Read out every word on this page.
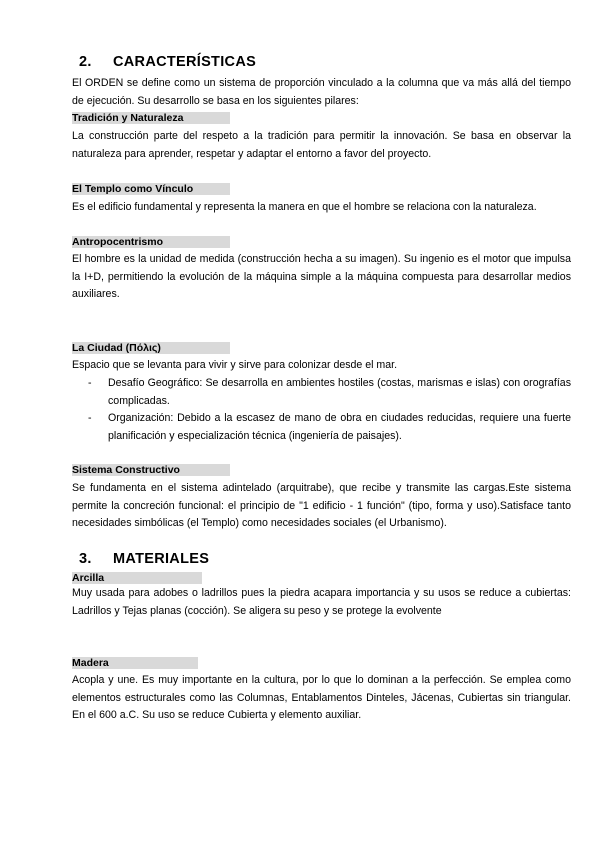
2. CARACTERÍSTICAS
El ORDEN se define como un sistema de proporción vinculado a la columna que va más allá del tiempo de ejecución. Su desarrollo se basa en los siguientes pilares:
Tradición y Naturaleza
La construcción parte del respeto a la tradición para permitir la innovación. Se basa en observar la naturaleza para aprender, respetar y adaptar el entorno a favor del proyecto.
El Templo como Vínculo
Es el edificio fundamental y representa la manera en que el hombre se relaciona con la naturaleza.
Antropocentrismo
El hombre es la unidad de medida (construcción hecha a su imagen). Su ingenio es el motor que impulsa la I+D, permitiendo la evolución de la máquina simple a la máquina compuesta para desarrollar medios auxiliares.
La Ciudad (Πόλις)
Espacio que se levanta para vivir y sirve para colonizar desde el mar.
- Desafío Geográfico: Se desarrolla en ambientes hostiles (costas, marismas e islas) con orografías complicadas.
- Organización: Debido a la escasez de mano de obra en ciudades reducidas, requiere una fuerte planificación y especialización técnica (ingeniería de paisajes).
Sistema Constructivo
Se fundamenta en el sistema adintelado (arquitrabe), que recibe y transmite las cargas.Este sistema permite la concreción funcional: el principio de "1 edificio - 1 función" (tipo, forma y uso).Satisface tanto necesidades simbólicas (el Templo) como necesidades sociales (el Urbanismo).
3. MATERIALES
Arcilla
Muy usada para adobes o ladrillos pues la piedra acapara importancia y su usos se reduce a cubiertas: Ladrillos y Tejas planas (cocción). Se aligera su peso y se protege la evolvente
Madera
Acopla y une. Es muy importante en la cultura, por lo que lo dominan a la perfección. Se emplea como elementos estructurales como las Columnas, Entablamentos Dinteles, Jácenas, Cubiertas sin triangular. En el 600 a.C. Su uso se reduce Cubierta y elemento auxiliar.
